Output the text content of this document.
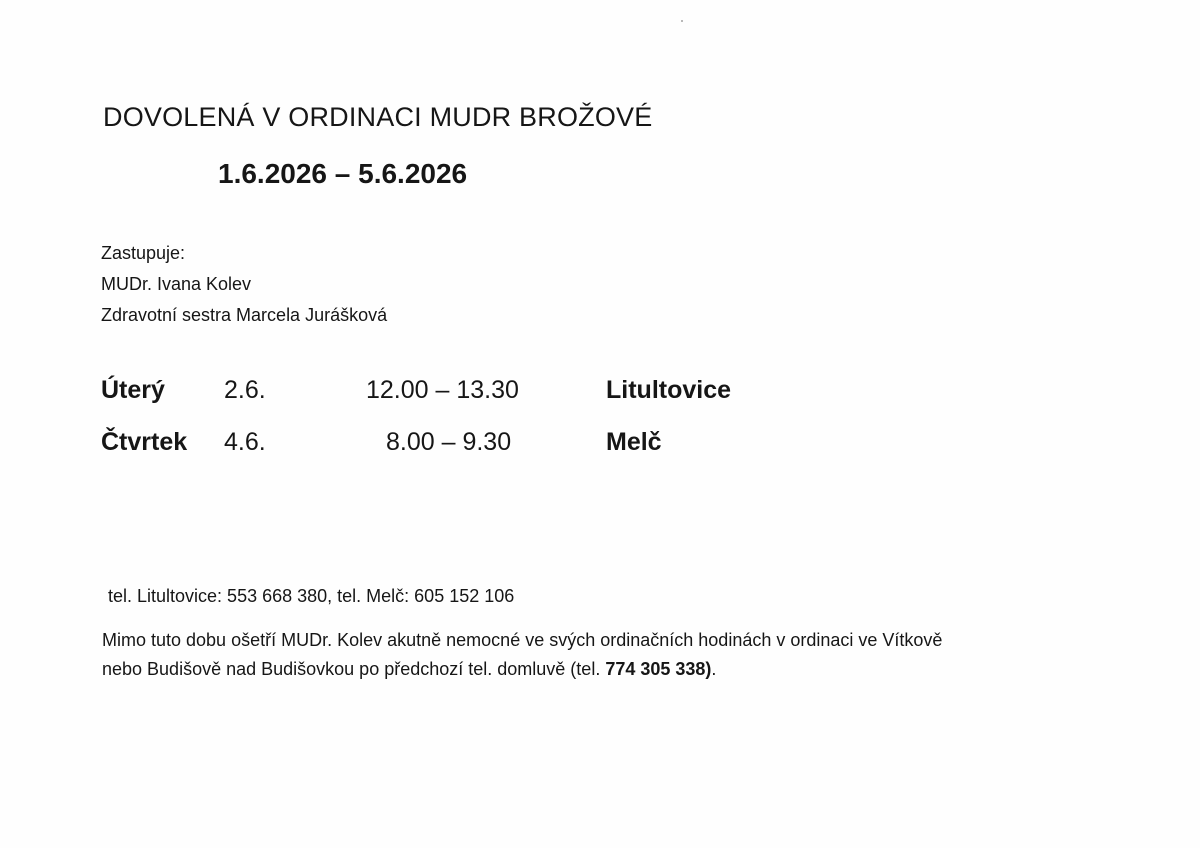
DOVOLENÁ V ORDINACI MUDR BROŽOVÉ
1.6.2026 – 5.6.2026
Zastupuje:
MUDr. Ivana Kolev
Zdravotní sestra Marcela Jurášková
Úterý 2.6.	12.00 – 13.30	Litultovice
Čtvrtek 4.6.	8.00 – 9.30	Melč
tel. Litultovice: 553 668 380, tel. Melč: 605 152 106
Mimo tuto dobu ošetří MUDr. Kolev akutně nemocné ve svých ordinačních hodinách v ordinaci ve Vítkově
nebo Budišově nad Budišovkou po předchozí tel. domluvě (tel. 774 305 338).
